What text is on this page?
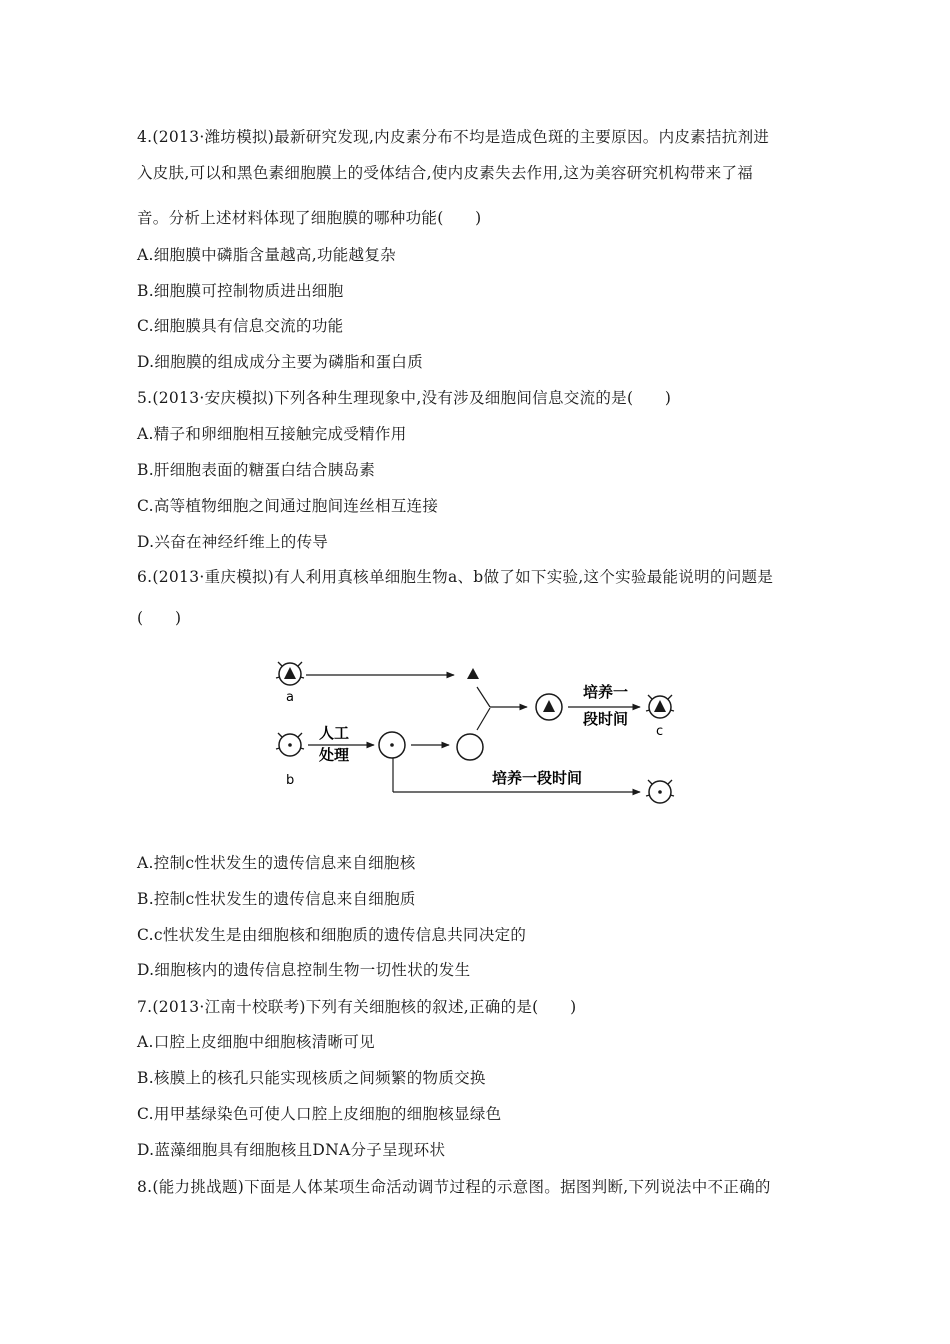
4.(2013·潍坊模拟)最新研究发现,内皮素分布不均是造成色斑的主要原因。内皮素拮抗剂进
入皮肤,可以和黑色素细胞膜上的受体结合,使内皮素失去作用,这为美容研究机构带来了福
音。分析上述材料体现了细胞膜的哪种功能(　　)
A.细胞膜中磷脂含量越高,功能越复杂
B.细胞膜可控制物质进出细胞
C.细胞膜具有信息交流的功能
D.细胞膜的组成成分主要为磷脂和蛋白质
5.(2013·安庆模拟)下列各种生理现象中,没有涉及细胞间信息交流的是(　　)
A.精子和卵细胞相互接触完成受精作用
B.肝细胞表面的糖蛋白结合胰岛素
C.高等植物细胞之间通过胞间连丝相互连接
D.兴奋在神经纤维上的传导
6.(2013·重庆模拟)有人利用真核单细胞生物a、b做了如下实验,这个实验最能说明的问题是
(　　)
a
b
人工
处理
培养一
段时间
c
培养一段时间
A.控制c性状发生的遗传信息来自细胞核
B.控制c性状发生的遗传信息来自细胞质
C.c性状发生是由细胞核和细胞质的遗传信息共同决定的
D.细胞核内的遗传信息控制生物一切性状的发生
7.(2013·江南十校联考)下列有关细胞核的叙述,正确的是(　　)
A.口腔上皮细胞中细胞核清晰可见
B.核膜上的核孔只能实现核质之间频繁的物质交换
C.用甲基绿染色可使人口腔上皮细胞的细胞核显绿色
D.蓝藻细胞具有细胞核且DNA分子呈现环状
8.(能力挑战题)下面是人体某项生命活动调节过程的示意图。据图判断,下列说法中不正确的
